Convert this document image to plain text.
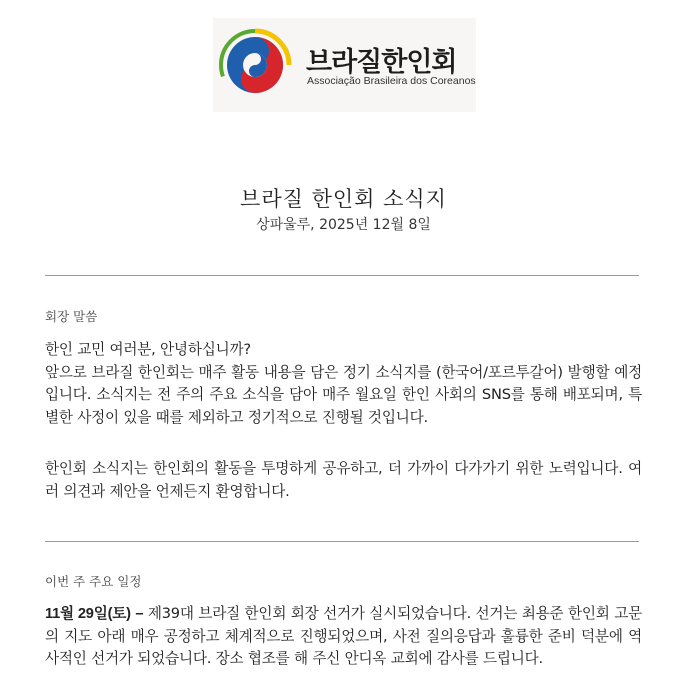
브라질한인회
Associação Brasileira dos Coreanos
브라질 한인회 소식지
상파울루, 2025년 12월 8일
회장 말씀

한인 교민 여러분, 안녕하십니까?
앞으로 브라질 한인회는 매주 활동 내용을 담은 정기 소식지를 (한국어/포르투갈어) 발행할 예정입니다. 소식지는 전 주의 주요 소식을 담아 매주 월요일 한인 사회의 SNS를 통해 배포되며, 특별한 사정이 있을 때를 제외하고 정기적으로 진행될 것입니다.

한인회 소식지는 한인회의 활동을 투명하게 공유하고, 더 가까이 다가가기 위한 노력입니다. 여러 의견과 제안을 언제든지 환영합니다.

이번 주 주요 일정

11월 29일(토) – 제39대 브라질 한인회 회장 선거가 실시되었습니다. 선거는 최용준 한인회 고문의 지도 아래 매우 공정하고 체계적으로 진행되었으며, 사전 질의응답과 훌륭한 준비 덕분에 역사적인 선거가 되었습니다. 장소 협조를 해 주신 안디옥 교회에 감사를 드립니다.
